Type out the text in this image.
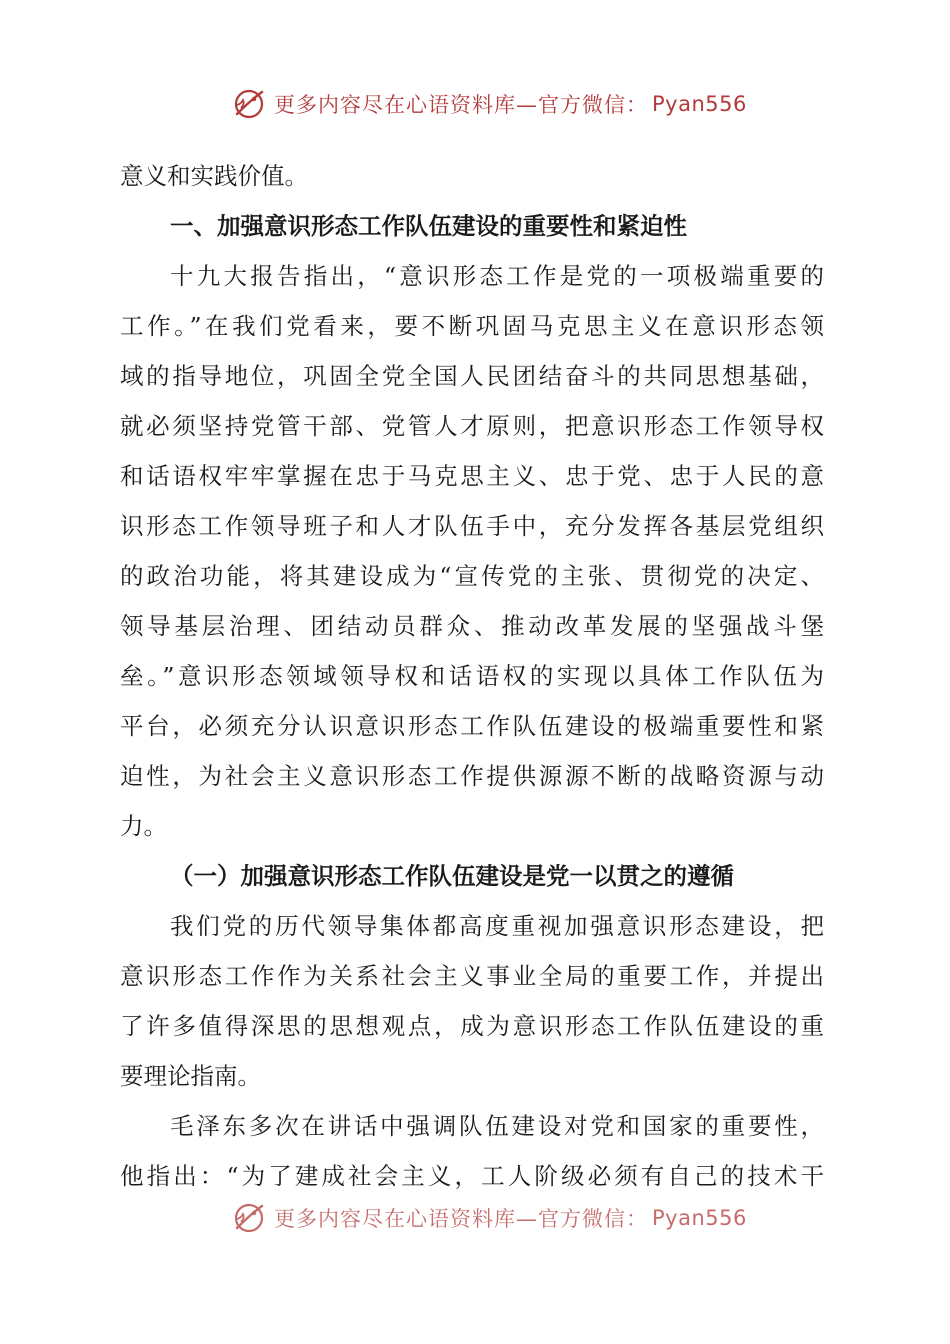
更多内容尽在心语资料库—官方微信： Pyan556
意义和实践价值。
一、加强意识形态工作队伍建设的重要性和紧迫性
十九大报告指出，“意识形态工作是党的一项极端重要的
工作。”在我们党看来，要不断巩固马克思主义在意识形态领
域的指导地位，巩固全党全国人民团结奋斗的共同思想基础，
就必须坚持党管干部、党管人才原则，把意识形态工作领导权
和话语权牢牢掌握在忠于马克思主义、忠于党、忠于人民的意
识形态工作领导班子和人才队伍手中，充分发挥各基层党组织
的政治功能，将其建设成为“宣传党的主张、贯彻党的决定、
领导基层治理、团结动员群众、推动改革发展的坚强战斗堡
垒。”意识形态领域领导权和话语权的实现以具体工作队伍为
平台，必须充分认识意识形态工作队伍建设的极端重要性和紧
迫性，为社会主义意识形态工作提供源源不断的战略资源与动
力。
（一）加强意识形态工作队伍建设是党一以贯之的遵循
我们党的历代领导集体都高度重视加强意识形态建设，把
意识形态工作作为关系社会主义事业全局的重要工作，并提出
了许多值得深思的思想观点，成为意识形态工作队伍建设的重
要理论指南。
毛泽东多次在讲话中强调队伍建设对党和国家的重要性，
他指出：“为了建成社会主义，工人阶级必须有自己的技术干
更多内容尽在心语资料库—官方微信： Pyan556
